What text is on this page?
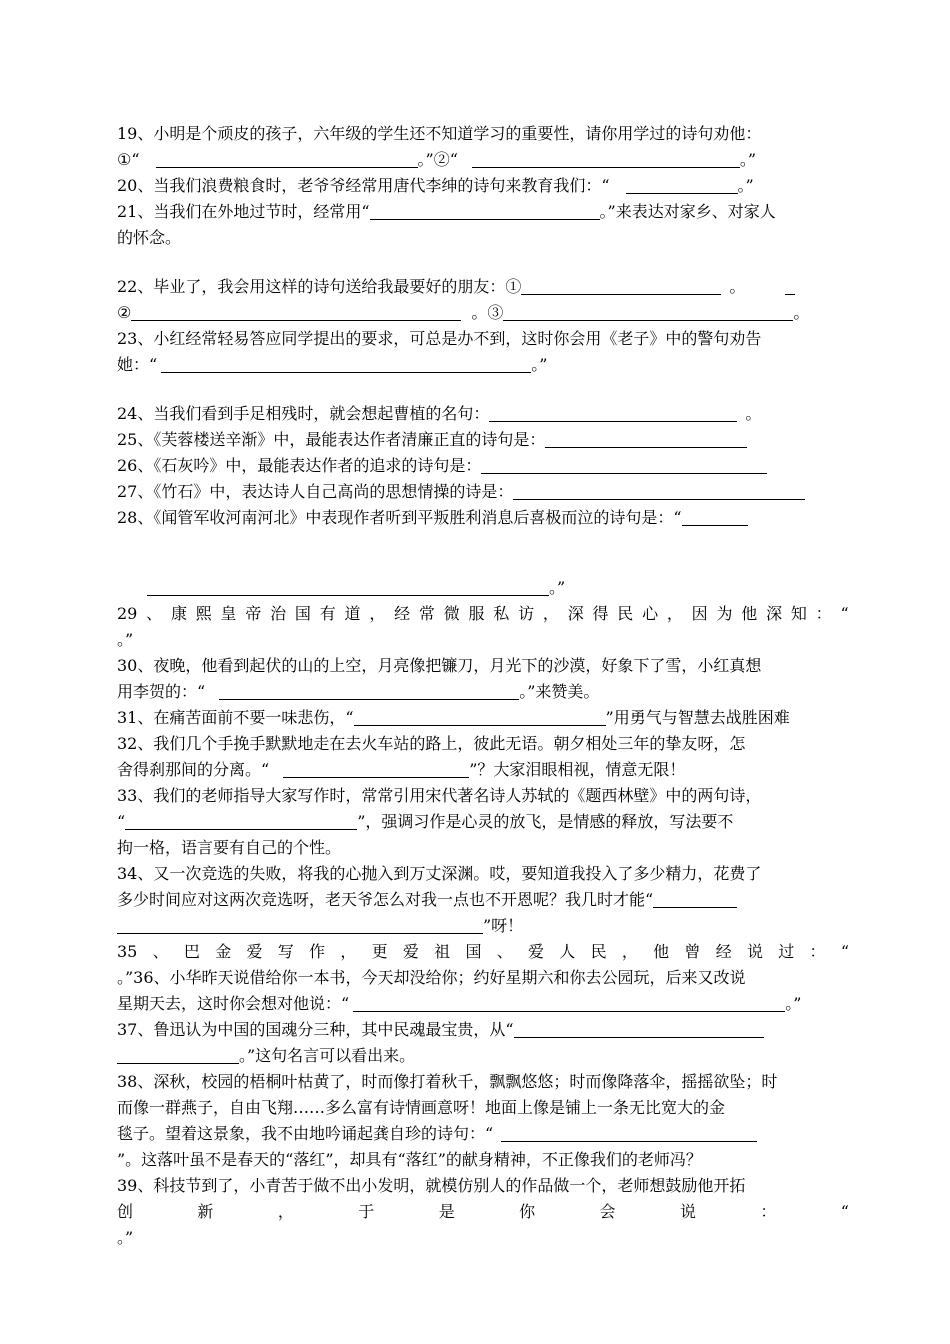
19、小明是个顽皮的孩子，六年级的学生还不知道学习的重要性，请你用学过的诗句劝他：
①“	。”②“	。”
20、当我们浪费粮食时，老爷爷经常用唐代李绅的诗句来教育我们：“	。”
21、当我们在外地过节时，经常用“	。”来表达对家乡、对家人
的怀念。
22、毕业了，我会用这样的诗句送给我最要好的朋友：①	。
②	。③	。
23、小红经常轻易答应同学提出的要求，可总是办不到，这时你会用《老子》中的警句劝告
她：“	。”
24、当我们看到手足相残时，就会想起曹植的名句：	。
25、《芙蓉楼送辛渐》中，最能表达作者清廉正直的诗句是：
26、《石灰吟》中，最能表达作者的追求的诗句是：
27、《竹石》中，表达诗人自己高尚的思想情操的诗是：
28、《闻管军收河南河北》中表现作者听到平叛胜利消息后喜极而泣的诗句是：“
。”
29 、 康 熙 皇 帝 治 国 有 道 ， 经 常 微 服 私 访 ， 深 得 民 心 ， 因 为 他 深 知 ： “
。”
30、夜晚，他看到起伏的山的上空，月亮像把镰刀，月光下的沙漠，好象下了雪，小红真想
用李贺的：“	。”来赞美。
31、在痛苦面前不要一味悲伤，“	”用勇气与智慧去战胜困难
32、我们几个手挽手默默地走在去火车站的路上，彼此无语。朝夕相处三年的挚友呀，怎
舍得刹那间的分离。“	”？大家泪眼相视，情意无限！
33、我们的老师指导大家写作时，常常引用宋代著名诗人苏轼的《题西林壁》中的两句诗，
“	”，强调习作是心灵的放飞，是情感的释放，写法要不
拘一格，语言要有自己的个性。
34、又一次竞选的失败，将我的心抛入到万丈深渊。哎，要知道我投入了多少精力，花费了
多少时间应对这两次竞选呀，老天爷怎么对我一点也不开恩呢？我几时才能“
”呀！
35 、 巴 金 爱 写 作 ， 更 爱 祖 国 、 爱 人 民 ， 他 曾 经 说 过 ： “
。”36、小华昨天说借给你一本书，今天却没给你；约好星期六和你去公园玩，后来又改说
星期天去，这时你会想对他说：“	。”
37、鲁迅认为中国的国魂分三种，其中民魂最宝贵，从“
。”这句名言可以看出来。
38、深秋，校园的梧桐叶枯黄了，时而像打着秋千，飘飘悠悠；时而像降落伞，摇摇欲坠；时
而像一群燕子，自由飞翔……多么富有诗情画意呀！地面上像是铺上一条无比宽大的金
毯子。望着这景象，我不由地吟诵起龚自珍的诗句：“
”。这落叶虽不是春天的“落红”，却具有“落红”的献身精神，不正像我们的老师冯？
39、科技节到了，小青苦于做不出小发明，就模仿别人的作品做一个，老师想鼓励他开拓
创	新	，	于	是	你	会	说	：	“
。”
